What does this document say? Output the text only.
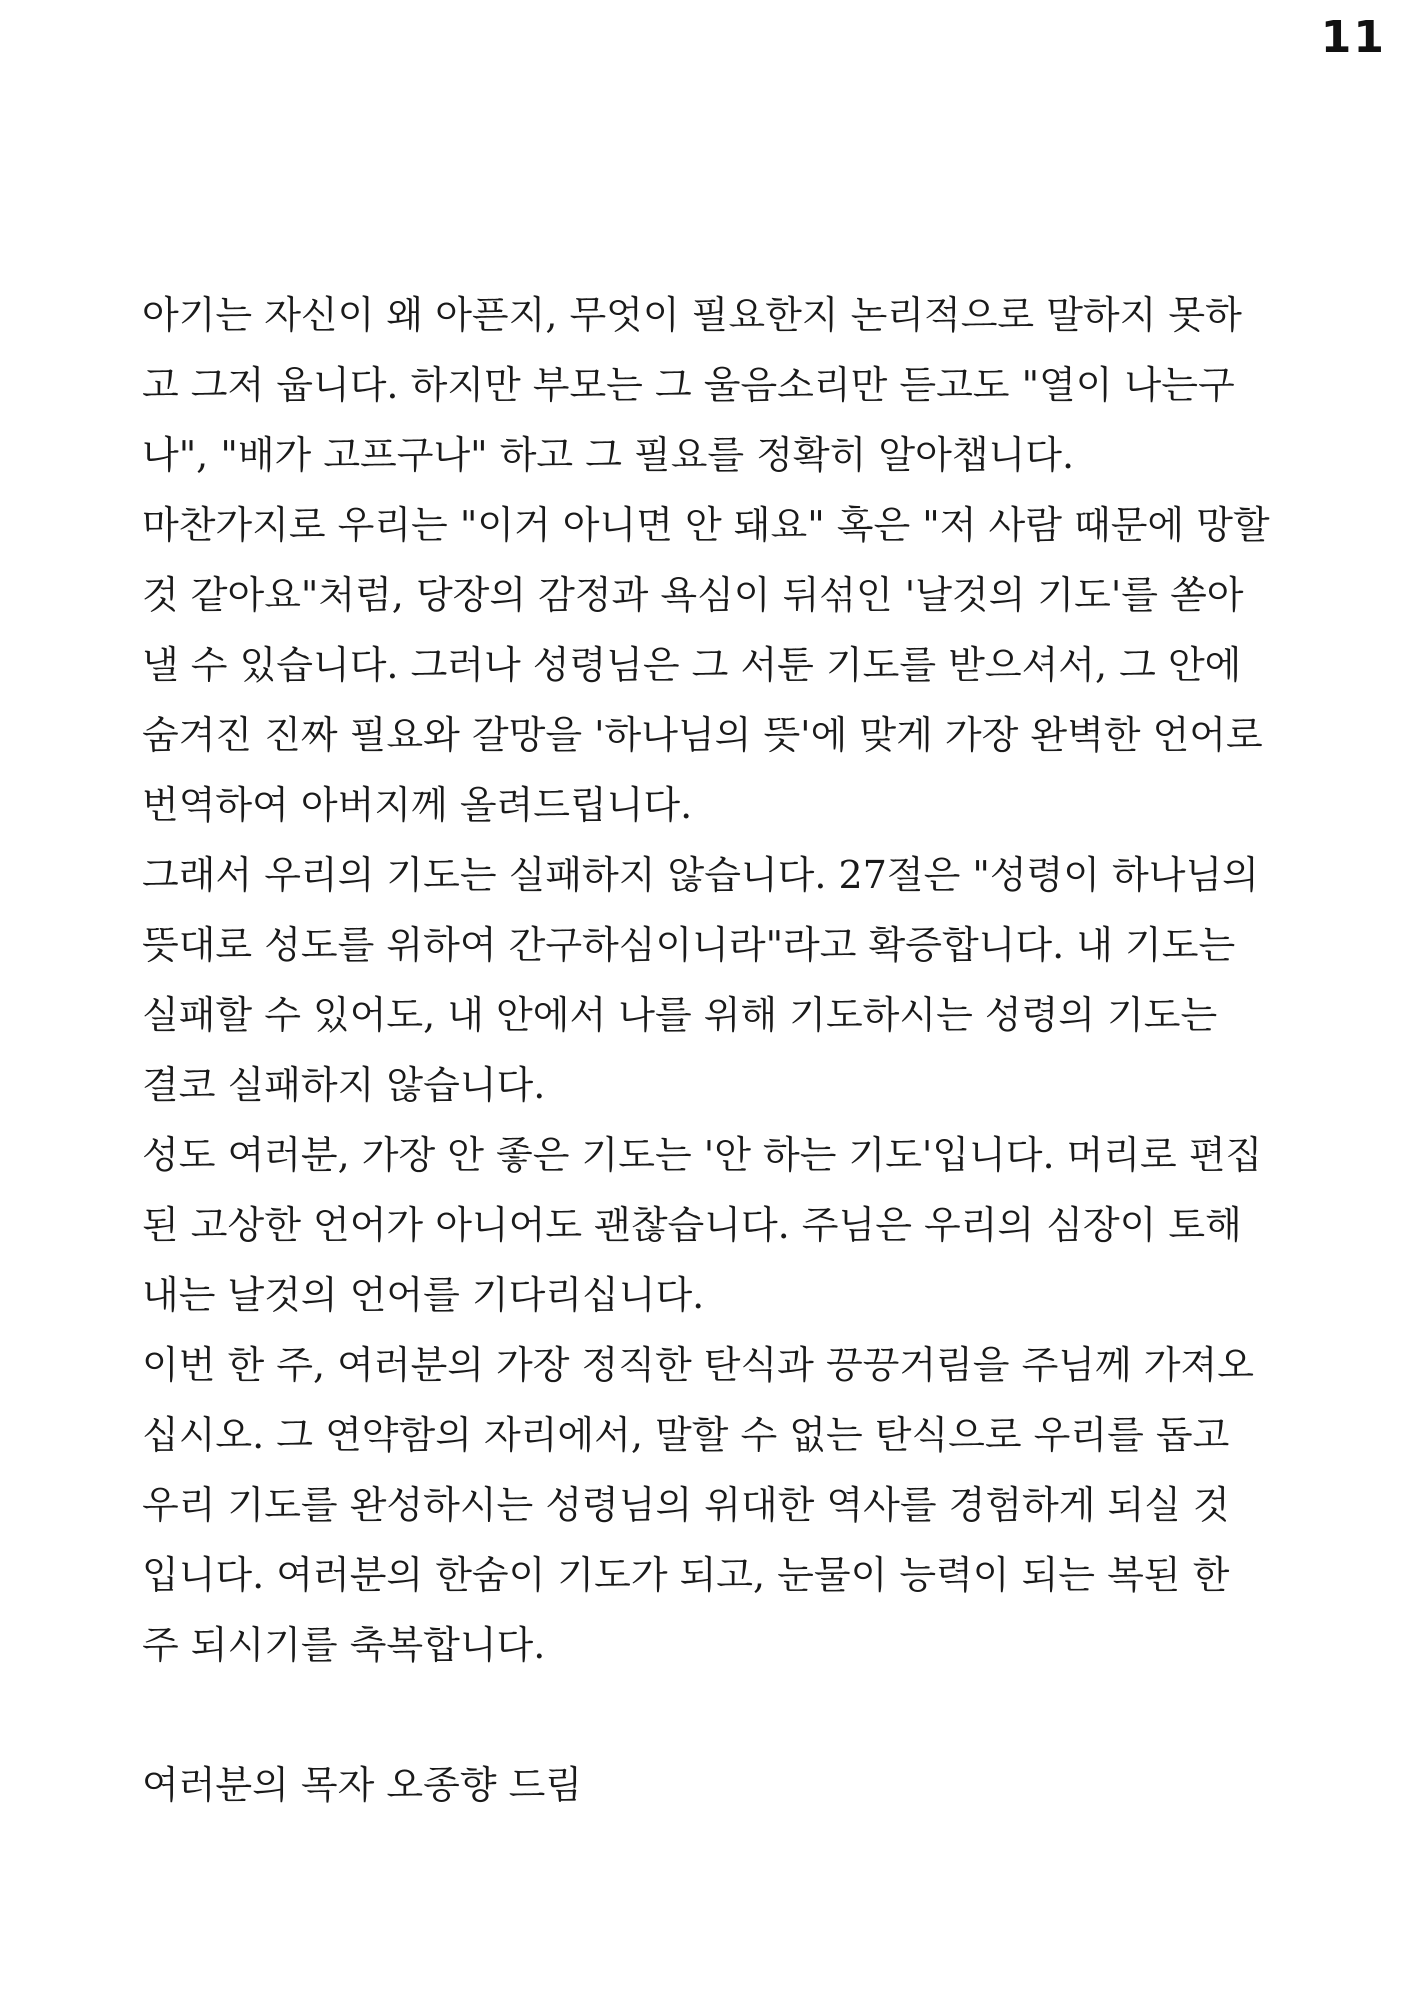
11
아기는 자신이 왜 아픈지, 무엇이 필요한지 논리적으로 말하지 못하
고 그저 웁니다. 하지만 부모는 그 울음소리만 듣고도 "열이 나는구
나", "배가 고프구나" 하고 그 필요를 정확히 알아챕니다.
마찬가지로 우리는 "이거 아니면 안 돼요" 혹은 "저 사람 때문에 망할
것 같아요"처럼, 당장의 감정과 욕심이 뒤섞인 '날것의 기도'를 쏟아
낼 수 있습니다. 그러나 성령님은 그 서툰 기도를 받으셔서, 그 안에
숨겨진 진짜 필요와 갈망을 '하나님의 뜻'에 맞게 가장 완벽한 언어로
번역하여 아버지께 올려드립니다.
그래서 우리의 기도는 실패하지 않습니다. 27절은 "성령이 하나님의
뜻대로 성도를 위하여 간구하심이니라"라고 확증합니다. 내 기도는
실패할 수 있어도, 내 안에서 나를 위해 기도하시는 성령의 기도는
결코 실패하지 않습니다.
성도 여러분, 가장 안 좋은 기도는 '안 하는 기도'입니다. 머리로 편집
된 고상한 언어가 아니어도 괜찮습니다. 주님은 우리의 심장이 토해
내는 날것의 언어를 기다리십니다.
이번 한 주, 여러분의 가장 정직한 탄식과 끙끙거림을 주님께 가져오
십시오. 그 연약함의 자리에서, 말할 수 없는 탄식으로 우리를 돕고
우리 기도를 완성하시는 성령님의 위대한 역사를 경험하게 되실 것
입니다. 여러분의 한숨이 기도가 되고, 눈물이 능력이 되는 복된 한
주 되시기를 축복합니다.
여러분의 목자 오종향 드림
